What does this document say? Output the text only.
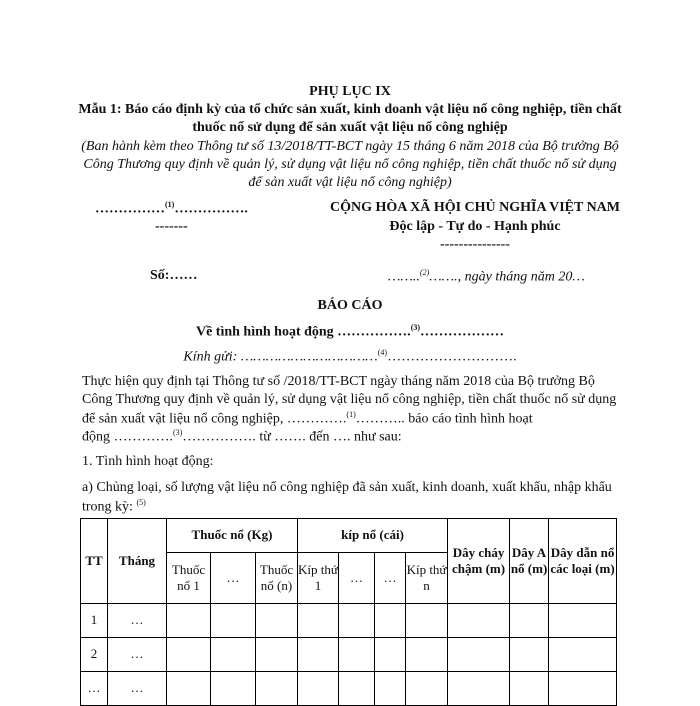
PHỤ LỤC IX
Mẫu 1: Báo cáo định kỳ của tổ chức sản xuất, kinh doanh vật liệu nổ công nghiệp, tiền chất
thuốc nổ sử dụng để sản xuất vật liệu nổ công nghiệp
(Ban hành kèm theo Thông tư số 13/2018/TT-BCT ngày 15 tháng 6 năm 2018 của Bộ trưởng Bộ
Công Thương quy định về quản lý, sử dụng vật liệu nổ công nghiệp, tiền chất thuốc nổ sử dụng
để sản xuất vật liệu nổ công nghiệp)
……………$^{(1)}$…………….
-------
CỘNG HÒA XÃ HỘI CHỦ NGHĨA VIỆT NAM
Độc lập - Tự do - Hạnh phúc
---------------
Số:……	……..$^{(2)}$……., ngày tháng năm 20…
BÁO CÁO
Về tình hình hoạt động …………….$^{(3)}$………………
Kính gửi: ……………………………$^{(4)}$……………………….
Thực hiện quy định tại Thông tư số /2018/TT-BCT ngày tháng năm 2018 của Bộ trưởng Bộ
Công Thương quy định về quản lý, sử dụng vật liệu nổ công nghiệp, tiền chất thuốc nổ sử dụng
để sản xuất vật liệu nổ công nghiệp, ………….$^{(1)}$……….. báo cáo tình hình hoạt
động ………….$^{(3)}$……………. từ ……. đến …. như sau:
1. Tình hình hoạt động:
a) Chủng loại, số lượng vật liệu nổ công nghiệp đã sản xuất, kinh doanh, xuất khẩu, nhập khẩu
trong kỳ: $^{(5)}$
TT	Tháng	Thuốc nổ (Kg)			kíp nổ (cái)				Dây cháy chậm (m)	Dây A nổ (m)	Dây dẫn nổ các loại (m)
		Thuốc nổ 1	…	Thuốc nổ (n)	Kíp thứ 1	…	…	Kíp thứ n			
1	…										
2	…										
…	…										
